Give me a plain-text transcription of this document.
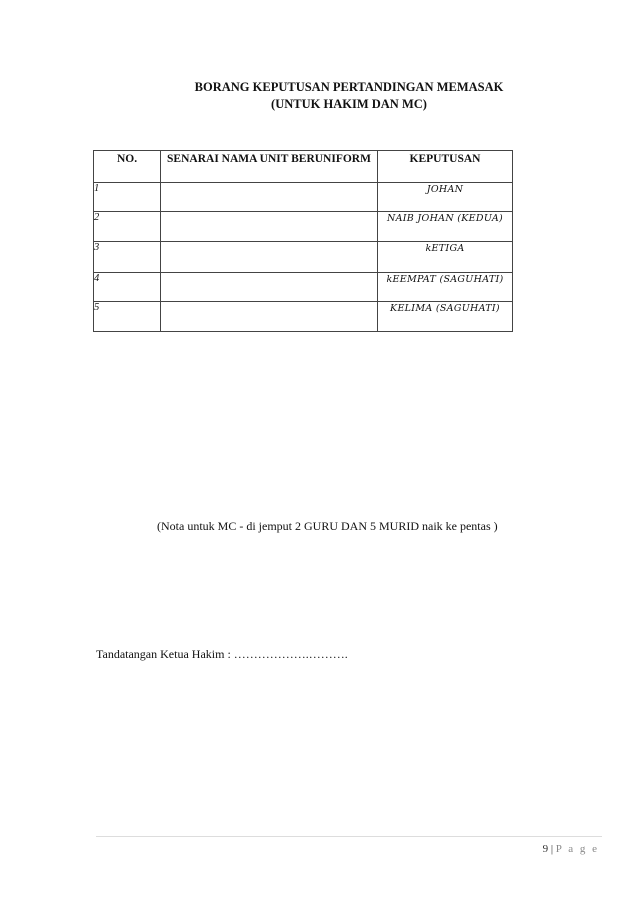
BORANG KEPUTUSAN PERTANDINGAN MEMASAK
(UNTUK HAKIM DAN MC)
NO.	SENARAI NAMA UNIT BERUNIFORM	KEPUTUSAN
1		JOHAN
2		NAIB JOHAN (KEDUA)
3		kETIGA
4		kEEMPAT (SAGUHATI)
5		KELIMA (SAGUHATI)
(Nota untuk MC - di jemput 2 GURU DAN 5 MURID naik ke pentas )
Tandatangan Ketua Hakim : ……………….……….
9 | P a g e
